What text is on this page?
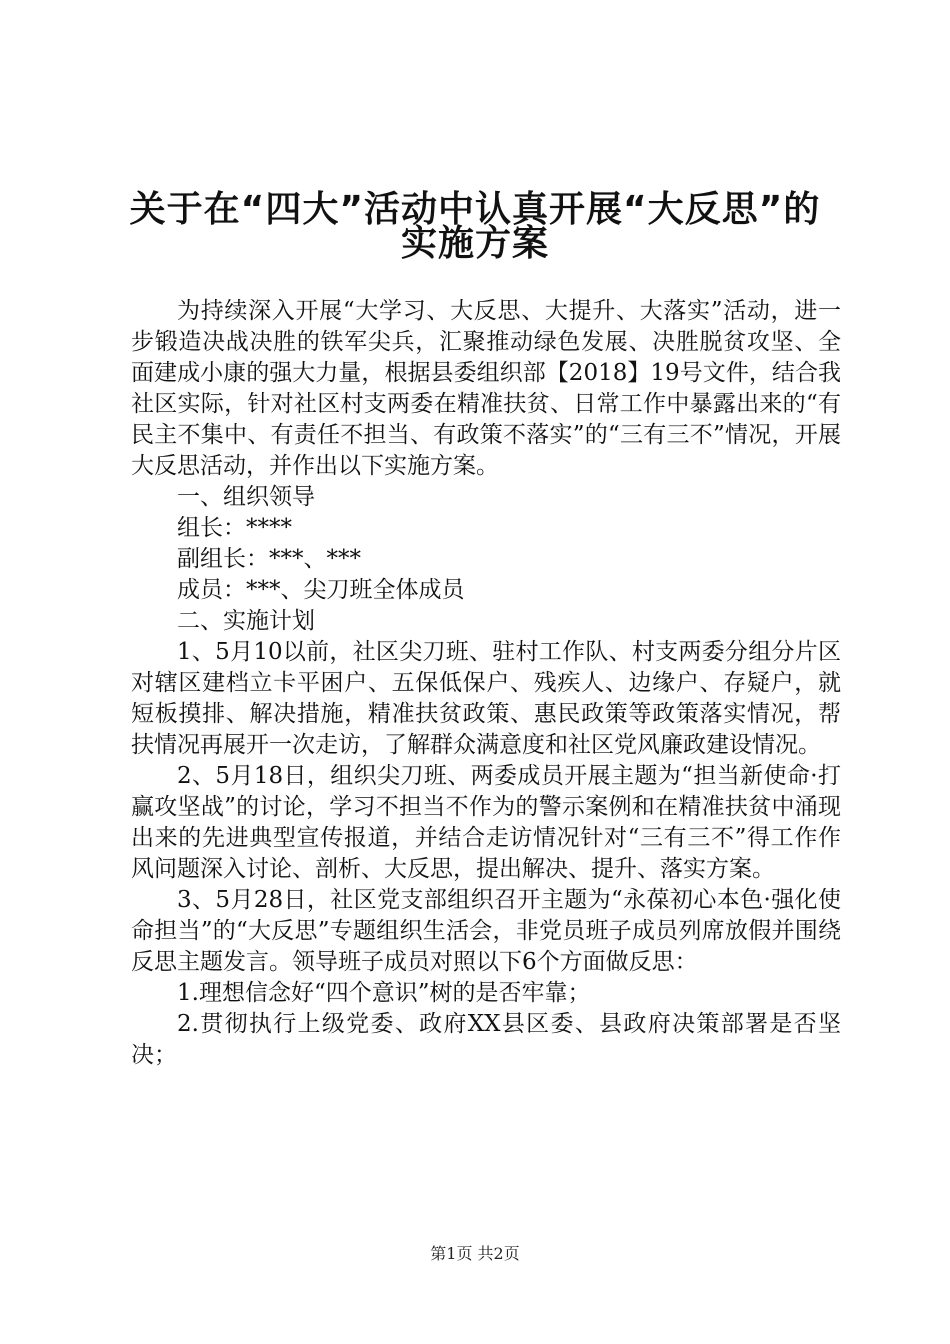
关于在“四大”活动中认真开展“大反思”的
实施方案

为持续深入开展“大学习、大反思、大提升、大落实”活动，进一步锻造决战决胜的铁军尖兵，汇聚推动绿色发展、决胜脱贫攻坚、全面建成小康的强大力量，根据县委组织部【2018】19号文件，结合我社区实际，针对社区村支两委在精准扶贫、日常工作中暴露出来的“有民主不集中、有责任不担当、有政策不落实”的“三有三不”情况，开展大反思活动，并作出以下实施方案。

一、组织领导

组长：****

副组长：***、***

成员：***、尖刀班全体成员

二、实施计划

1、5月10以前，社区尖刀班、驻村工作队、村支两委分组分片区对辖区建档立卡平困户、五保低保户、残疾人、边缘户、存疑户，就短板摸排、解决措施，精准扶贫政策、惠民政策等政策落实情况，帮扶情况再展开一次走访，了解群众满意度和社区党风廉政建设情况。

2、5月18日，组织尖刀班、两委成员开展主题为“担当新使命·打赢攻坚战”的讨论，学习不担当不作为的警示案例和在精准扶贫中涌现出来的先进典型宣传报道，并结合走访情况针对“三有三不”得工作作风问题深入讨论、剖析、大反思，提出解决、提升、落实方案。

3、5月28日，社区党支部组织召开主题为“永葆初心本色·强化使命担当”的“大反思”专题组织生活会，非党员班子成员列席放假并围绕反思主题发言。领导班子成员对照以下6个方面做反思：

1.理想信念好“四个意识”树的是否牢靠；

2.贯彻执行上级党委、政府XX县区委、县政府决策部署是否坚决；

第1页 共2页
